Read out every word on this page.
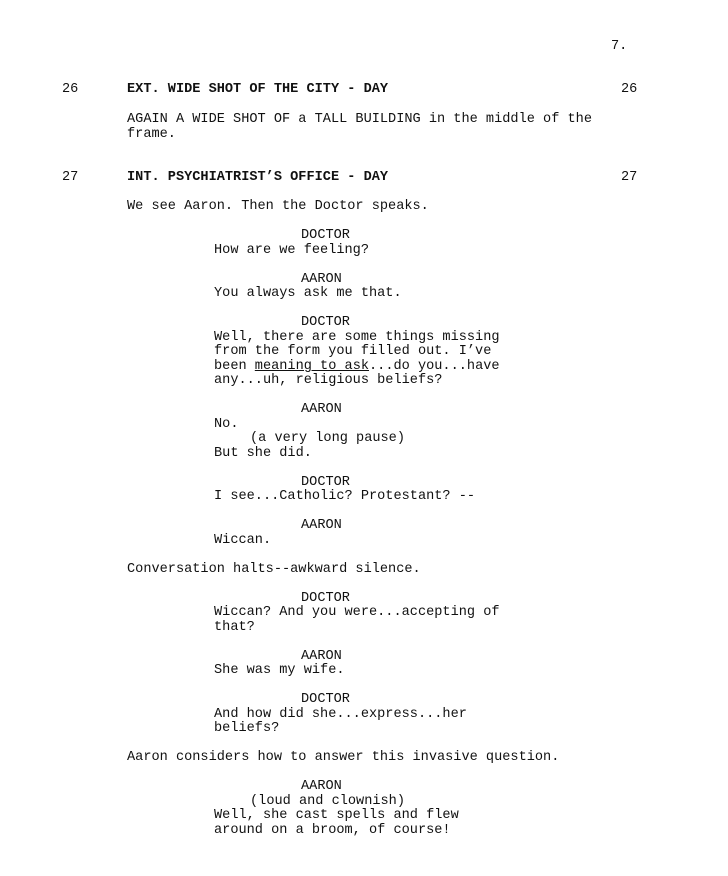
7.
26	EXT. WIDE SHOT OF THE CITY - DAY	26
AGAIN A WIDE SHOT OF a TALL BUILDING in the middle of the
frame.
27	INT. PSYCHIATRIST’S OFFICE - DAY	27
We see Aaron. Then the Doctor speaks.
DOCTOR
How are we feeling?
AARON
You always ask me that.
DOCTOR
Well, there are some things missing
from the form you filled out. I’ve
been meaning to ask...do you...have
any...uh, religious beliefs?
AARON
No.
(a very long pause)
But she did.
DOCTOR
I see...Catholic? Protestant? --
AARON
Wiccan.
Conversation halts--awkward silence.
DOCTOR
Wiccan? And you were...accepting of
that?
AARON
She was my wife.
DOCTOR
And how did she...express...her
beliefs?
Aaron considers how to answer this invasive question.
AARON
(loud and clownish)
Well, she cast spells and flew
around on a broom, of course!
